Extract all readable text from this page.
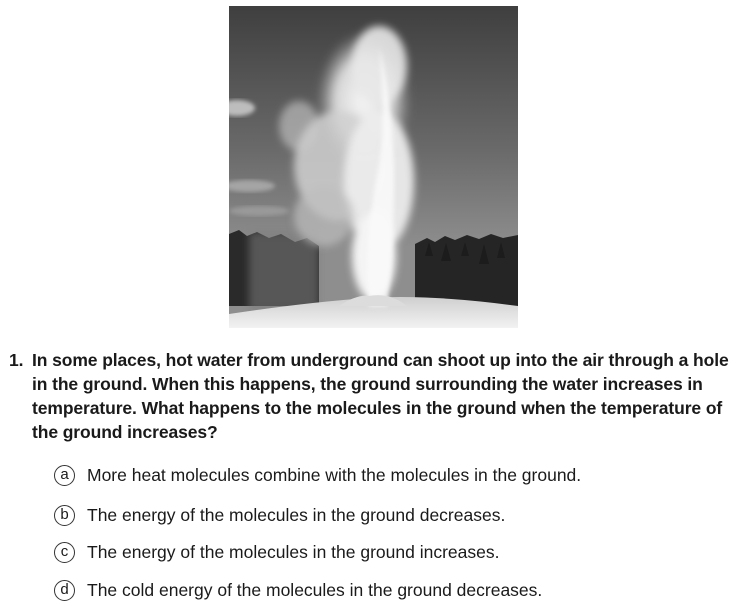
1. In some places, hot water from underground can shoot up into the air through a hole in the ground. When this happens, the ground surrounding the water increases in temperature. What happens to the molecules in the ground when the temperature of the ground increases?
a	More heat molecules combine with the molecules in the ground.
b	The energy of the molecules in the ground decreases.
c	The energy of the molecules in the ground increases.
d	The cold energy of the molecules in the ground decreases.
